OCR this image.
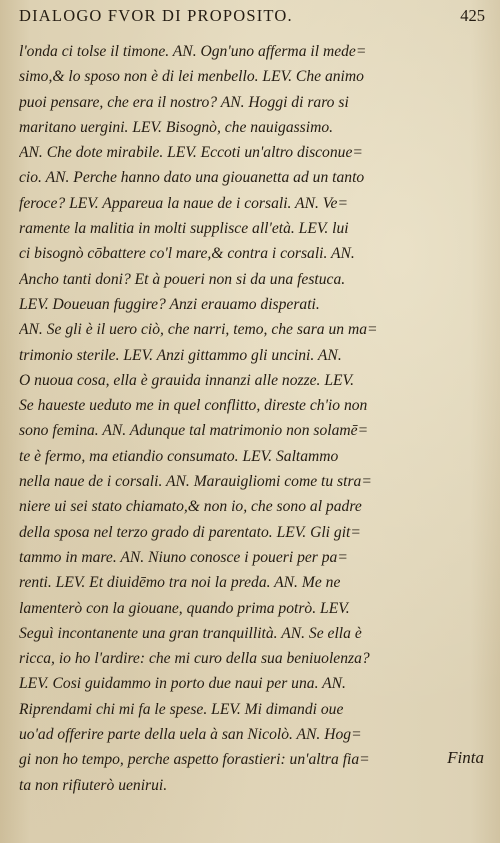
DIALOGO FVOR DI PROPOSITO.	425
l'onda ci tolse il timone. AN. Ogn'uno afferma il mede=
simo,& lo sposo non è di lei menbello. LEV. Che animo
puoi pensare, che era il nostro? AN. Hoggi di raro si
maritano uergini. LEV. Bisognò, che nauigassimo.
AN. Che dote mirabile. LEV. Eccoti un'altro disconue=
cio. AN. Perche hanno dato una giouanetta ad un tanto
feroce? LEV. Appareua la naue de i corsali. AN. Ve=
ramente la malitia in molti supplisce all'età. LEV. lui
ci bisognò cōbattere co'l mare,& contra i corsali. AN.
Ancho tanti doni? Et à poueri non si da una festuca.
LEV. Doueuan fuggire? Anzi erauamo disperati.
AN. Se gli è il uero ciò, che narri, temo, che sara un ma=
trimonio sterile. LEV. Anzi gittammo gli uncini. AN.
O nuoua cosa, ella è grauida innanzi alle nozze. LEV.
Se haueste ueduto me in quel conflitto, direste ch'io non
sono femina. AN. Adunque tal matrimonio non solamē=
te è fermo, ma etiandio consumato. LEV. Saltammo
nella naue de i corsali. AN. Marauigliomi come tu stra=
niere ui sei stato chiamato,& non io, che sono al padre
della sposa nel terzo grado di parentato. LEV. Gli git=
tammo in mare. AN. Niuno conosce i poueri per pa=
renti. LEV. Et diuidēmo tra noi la preda. AN. Me ne
lamenterò con la giouane, quando prima potrò. LEV.
Seguì incontanente una gran tranquillità. AN. Se ella è
ricca, io ho l'ardire: che mi curo della sua beniuolenza?
LEV. Cosi guidammo in porto due naui per una. AN.
Riprendami chi mi fa le spese. LEV. Mi dimandi oue
uo'ad offerire parte della uela à san Nicolò. AN. Hog=
gi non ho tempo, perche aspetto forastieri: un'altra fia=
ta non rifiuterò uenirui.
Finta
